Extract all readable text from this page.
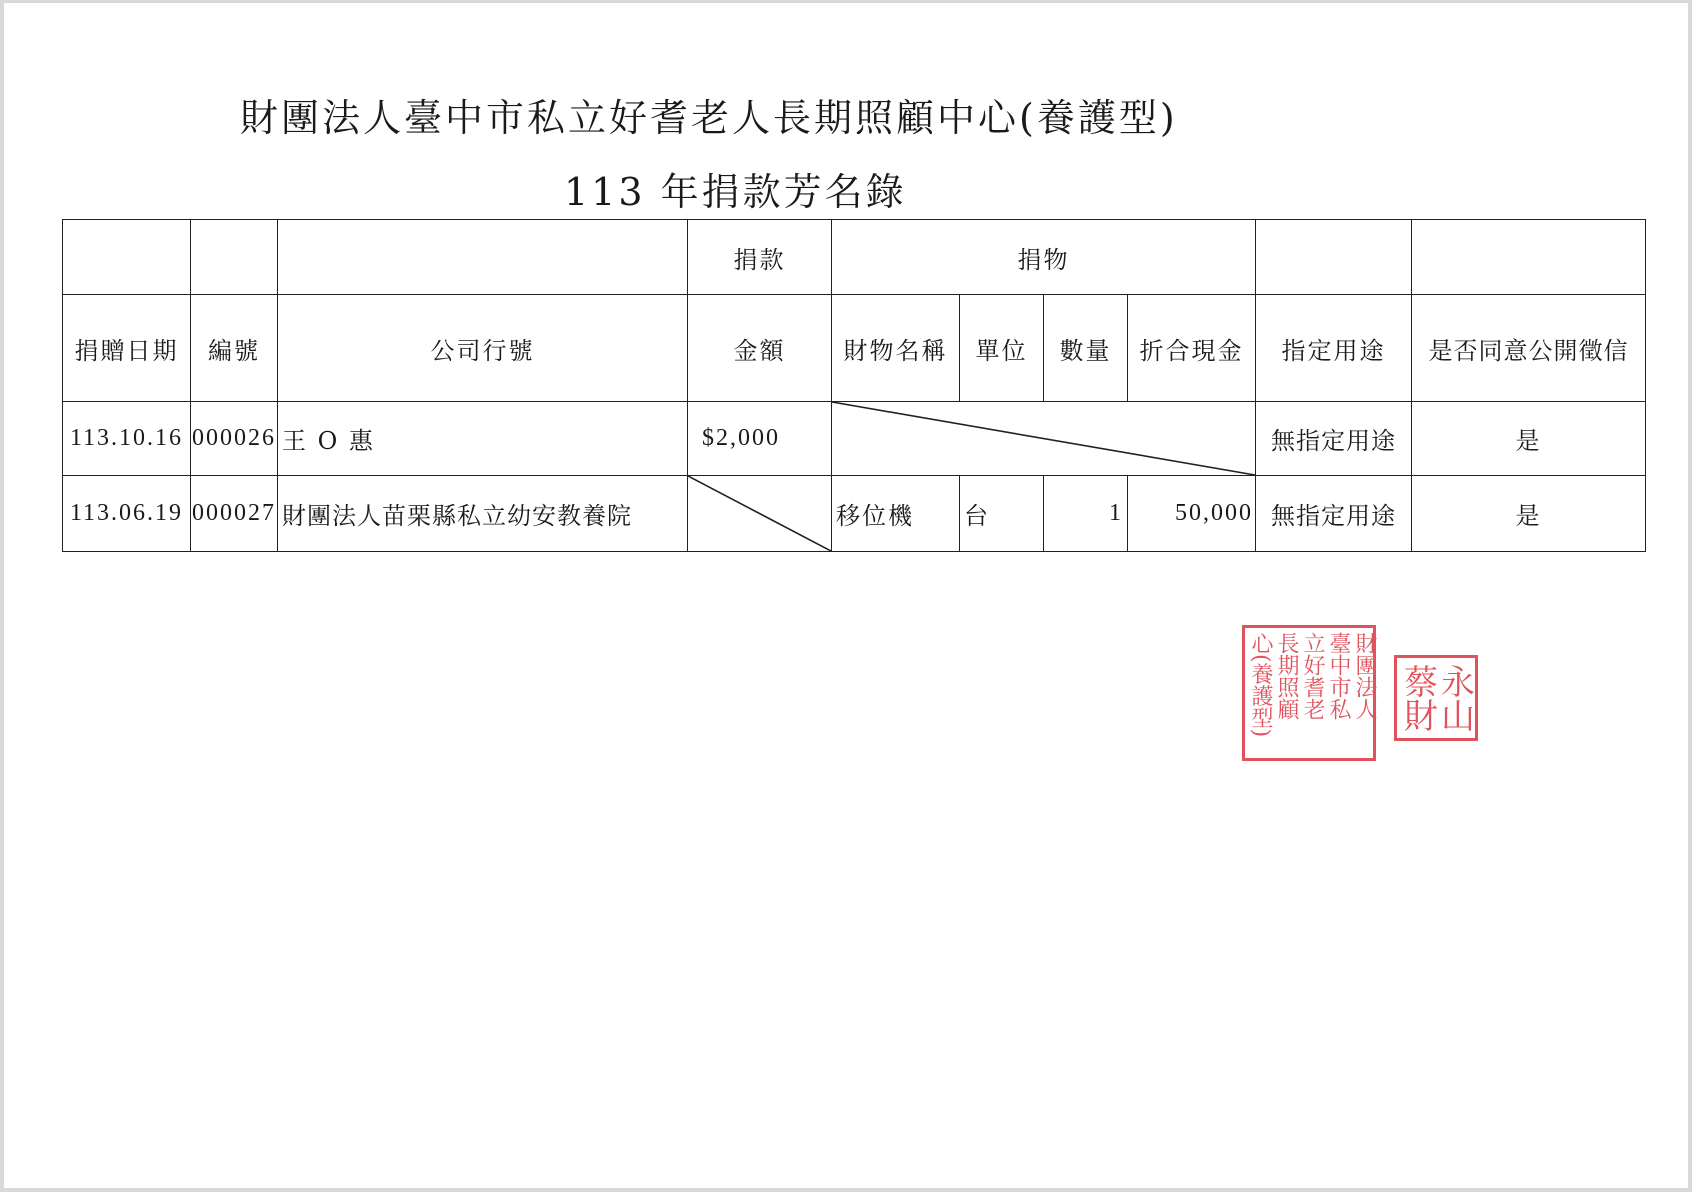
財團法人臺中市私立好耆老人長期照顧中心(養護型)
113 年捐款芳名錄
			捐款	捐物					
捐贈日期	編號	公司行號	金額	財物名稱	單位	數量	折合現金	指定用途	是否同意公開徵信
113.10.16	000026	王 O 惠	$2,000					無指定用途	是
113.06.19	000027	財團法人苗栗縣私立幼安教養院		移位機	台	1	50,000	無指定用途	是
財團法人
臺中市私
立好耆老
長期照顧
心(養護型)	永山
蔡財
